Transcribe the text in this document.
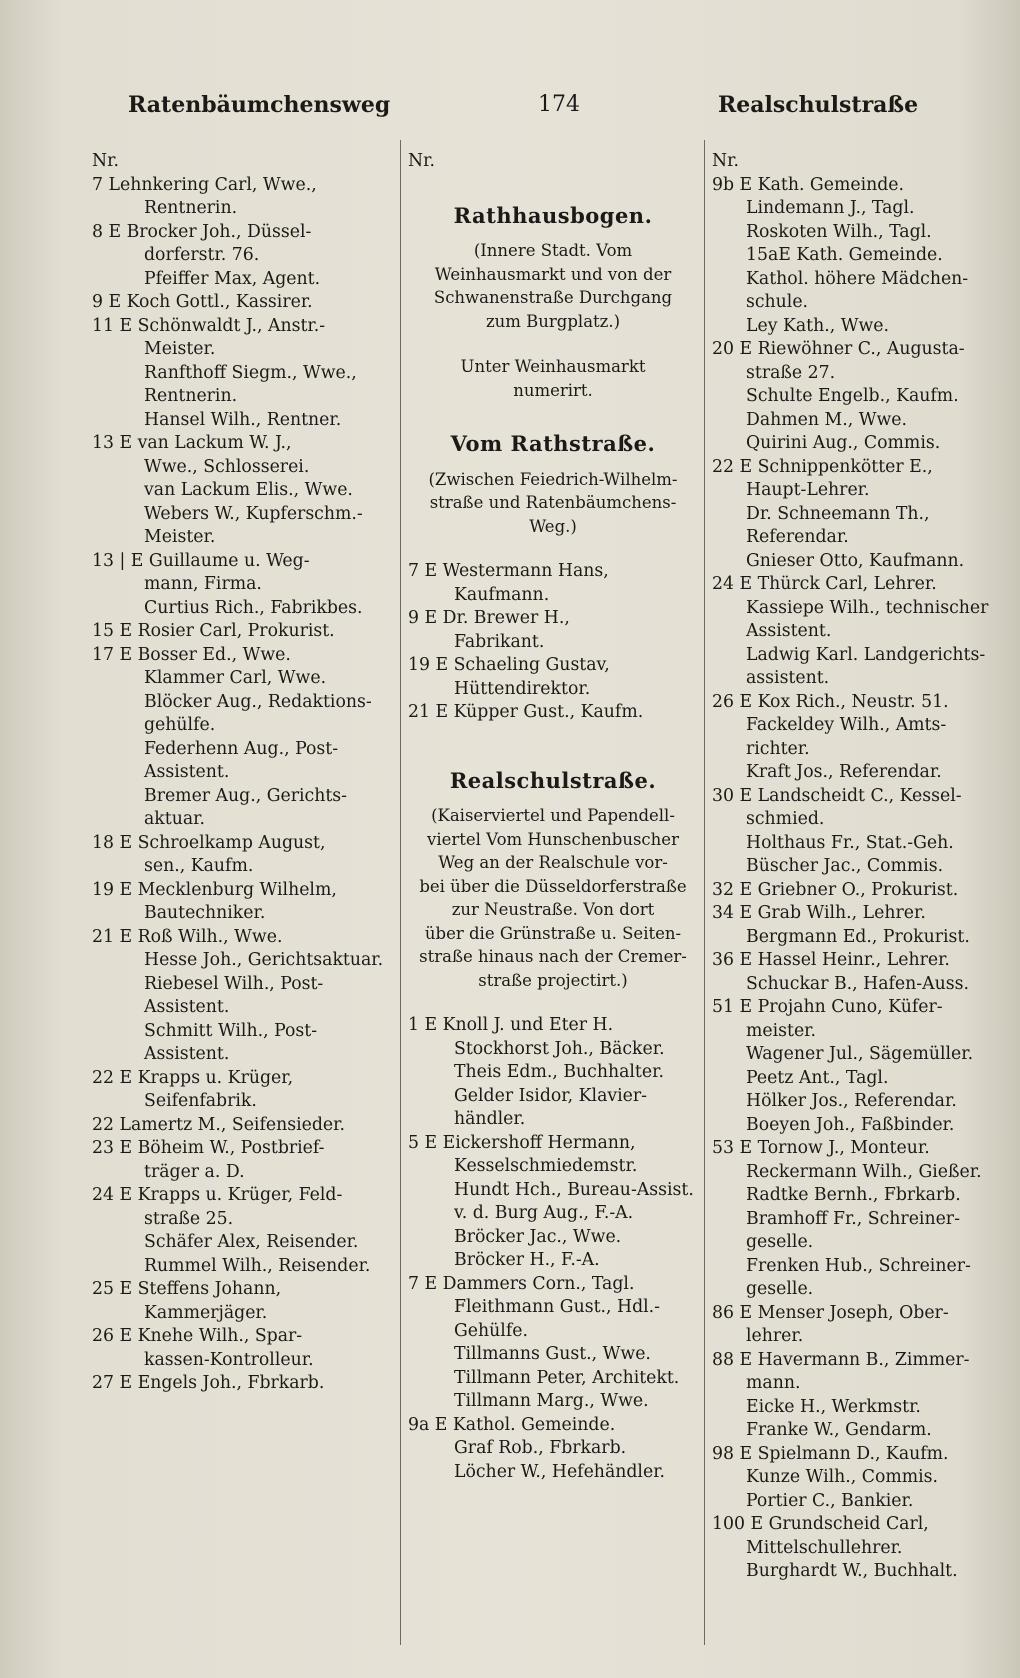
Ratenbäumchensweg	174	Realschulstraße
Nr.
7 Lehnkering Carl, Wwe.,
Rentnerin.
8 E Brocker Joh., Düssel-
dorferstr. 76.
Pfeiffer Max, Agent.
9 E Koch Gottl., Kassirer.
11 E Schönwaldt J., Anstr.-
Meister.
Ranfthoff Siegm., Wwe.,
Rentnerin.
Hansel Wilh., Rentner.
13 E van Lackum W. J.,
Wwe., Schlosserei.
van Lackum Elis., Wwe.
Webers W., Kupferschm.-
Meister.
13 | E Guillaume u. Weg-
mann, Firma.
Curtius Rich., Fabrikbes.
15 E Rosier Carl, Prokurist.
17 E Bosser Ed., Wwe.
Klammer Carl, Wwe.
Blöcker Aug., Redaktions-
gehülfe.
Federhenn Aug., Post-
Assistent.
Bremer Aug., Gerichts-
aktuar.
18 E Schroelkamp August,
sen., Kaufm.
19 E Mecklenburg Wilhelm,
Bautechniker.
21 E Roß Wilh., Wwe.
Hesse Joh., Gerichtsaktuar.
Riebesel Wilh., Post-
Assistent.
Schmitt Wilh., Post-
Assistent.
22 E Krapps u. Krüger,
Seifenfabrik.
22 Lamertz M., Seifensieder.
23 E Böheim W., Postbrief-
träger a. D.
24 E Krapps u. Krüger, Feld-
straße 25.
Schäfer Alex, Reisender.
Rummel Wilh., Reisender.
25 E Steffens Johann,
Kammerjäger.
26 E Knehe Wilh., Spar-
kassen-Kontrolleur.
27 E Engels Joh., Fbrkarb.
Nr.
Rathhausbogen.
(Innere Stadt. Vom
Weinhausmarkt und von der
Schwanenstraße Durchgang
zum Burgplatz.)
Unter Weinhausmarkt
numerirt.
Vom Rathstraße.
(Zwischen Feiedrich-Wilhelm-
straße und Ratenbäumchens-
Weg.)
7 E Westermann Hans,
Kaufmann.
9 E Dr. Brewer H.,
Fabrikant.
19 E Schaeling Gustav,
Hüttendirektor.
21 E Küpper Gust., Kaufm.
Realschulstraße.
(Kaiserviertel und Papendell-
viertel Vom Hunschenbuscher
Weg an der Realschule vor-
bei über die Düsseldorferstraße
zur Neustraße. Von dort
über die Grünstraße u. Seiten-
straße hinaus nach der Cremer-
straße projectirt.)
1 E Knoll J. und Eter H.
Stockhorst Joh., Bäcker.
Theis Edm., Buchhalter.
Gelder Isidor, Klavier-
händler.
5 E Eickershoff Hermann,
Kesselschmiedemstr.
Hundt Hch., Bureau-Assist.
v. d. Burg Aug., F.-A.
Bröcker Jac., Wwe.
Bröcker H., F.-A.
7 E Dammers Corn., Tagl.
Fleithmann Gust., Hdl.-
Gehülfe.
Tillmanns Gust., Wwe.
Tillmann Peter, Architekt.
Tillmann Marg., Wwe.
9a E Kathol. Gemeinde.
Graf Rob., Fbrkarb.
Löcher W., Hefehändler.
Nr.
9b E Kath. Gemeinde.
Lindemann J., Tagl.
Roskoten Wilh., Tagl.
15aE Kath. Gemeinde.
Kathol. höhere Mädchen-
schule.
Ley Kath., Wwe.
20 E Riewöhner C., Augusta-
straße 27.
Schulte Engelb., Kaufm.
Dahmen M., Wwe.
Quirini Aug., Commis.
22 E Schnippenkötter E.,
Haupt-Lehrer.
Dr. Schneemann Th.,
Referendar.
Gnieser Otto, Kaufmann.
24 E Thürck Carl, Lehrer.
Kassiepe Wilh., technischer
Assistent.
Ladwig Karl. Landgerichts-
assistent.
26 E Kox Rich., Neustr. 51.
Fackeldey Wilh., Amts-
richter.
Kraft Jos., Referendar.
30 E Landscheidt C., Kessel-
schmied.
Holthaus Fr., Stat.-Geh.
Büscher Jac., Commis.
32 E Griebner O., Prokurist.
34 E Grab Wilh., Lehrer.
Bergmann Ed., Prokurist.
36 E Hassel Heinr., Lehrer.
Schuckar B., Hafen-Auss.
51 E Projahn Cuno, Küfer-
meister.
Wagener Jul., Sägemüller.
Peetz Ant., Tagl.
Hölker Jos., Referendar.
Boeyen Joh., Faßbinder.
53 E Tornow J., Monteur.
Reckermann Wilh., Gießer.
Radtke Bernh., Fbrkarb.
Bramhoff Fr., Schreiner-
geselle.
Frenken Hub., Schreiner-
geselle.
86 E Menser Joseph, Ober-
lehrer.
88 E Havermann B., Zimmer-
mann.
Eicke H., Werkmstr.
Franke W., Gendarm.
98 E Spielmann D., Kaufm.
Kunze Wilh., Commis.
Portier C., Bankier.
100 E Grundscheid Carl,
Mittelschullehrer.
Burghardt W., Buchhalt.
